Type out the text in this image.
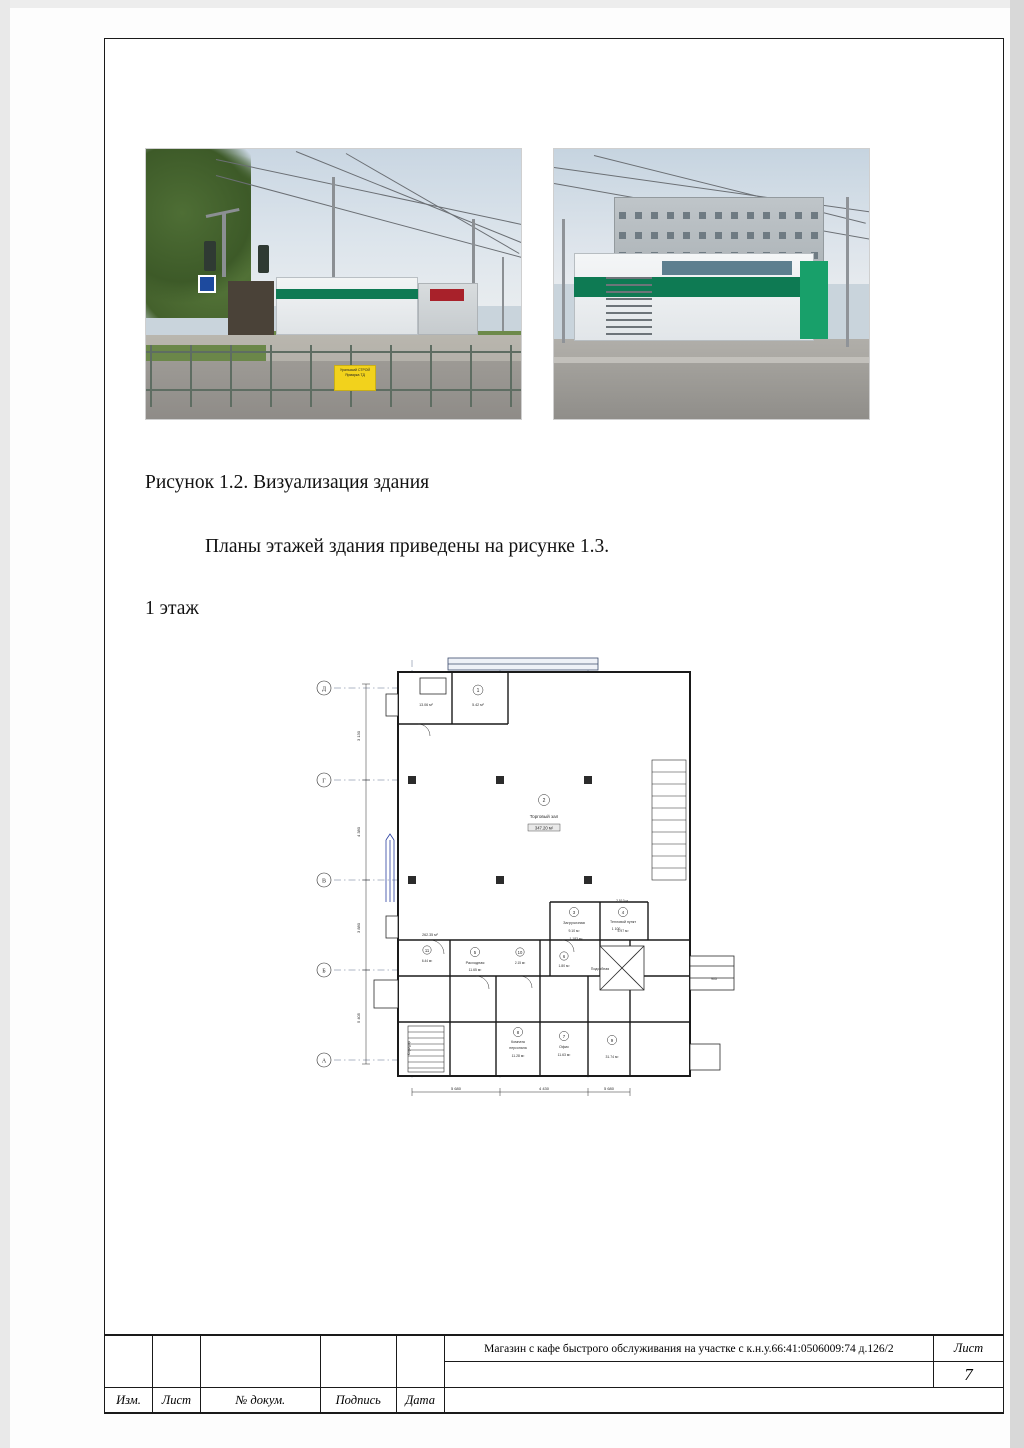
Уральский СТРОЙ Ярмарка ТД
Рисунок 1.2. Визуализация здания
Планы этажей здания приведены на рисунке 1.3.
1 этаж
Д
Г
В
Б
А
3 130
4 380
3 880
5 405
5 680	4 430	5 680
1
5.42 м²
13.06 м²
2
Торговый зал
347.20 м²
3
Загрузочная
9.10 м²
4
Тепловой пункт
5.97 м²
5
Расходная
11.65 м²
6
1.80 м²
7
Офис
11.63 м²
8
Комната
персонала
11.28 м²
9
31.74 м²
Подсобная
10
2.15 м²
11
6.44 м²
Коридор
262.35 м²
1 100
1 183 м²
905
2 510 м
					Магазин с кафе быстрого обслуживания на участке с к.н.у.66:41:0506009:74 д.126/2	Лист
						7

Изм.	Лист	№ докум.	Подпись	Дата		
